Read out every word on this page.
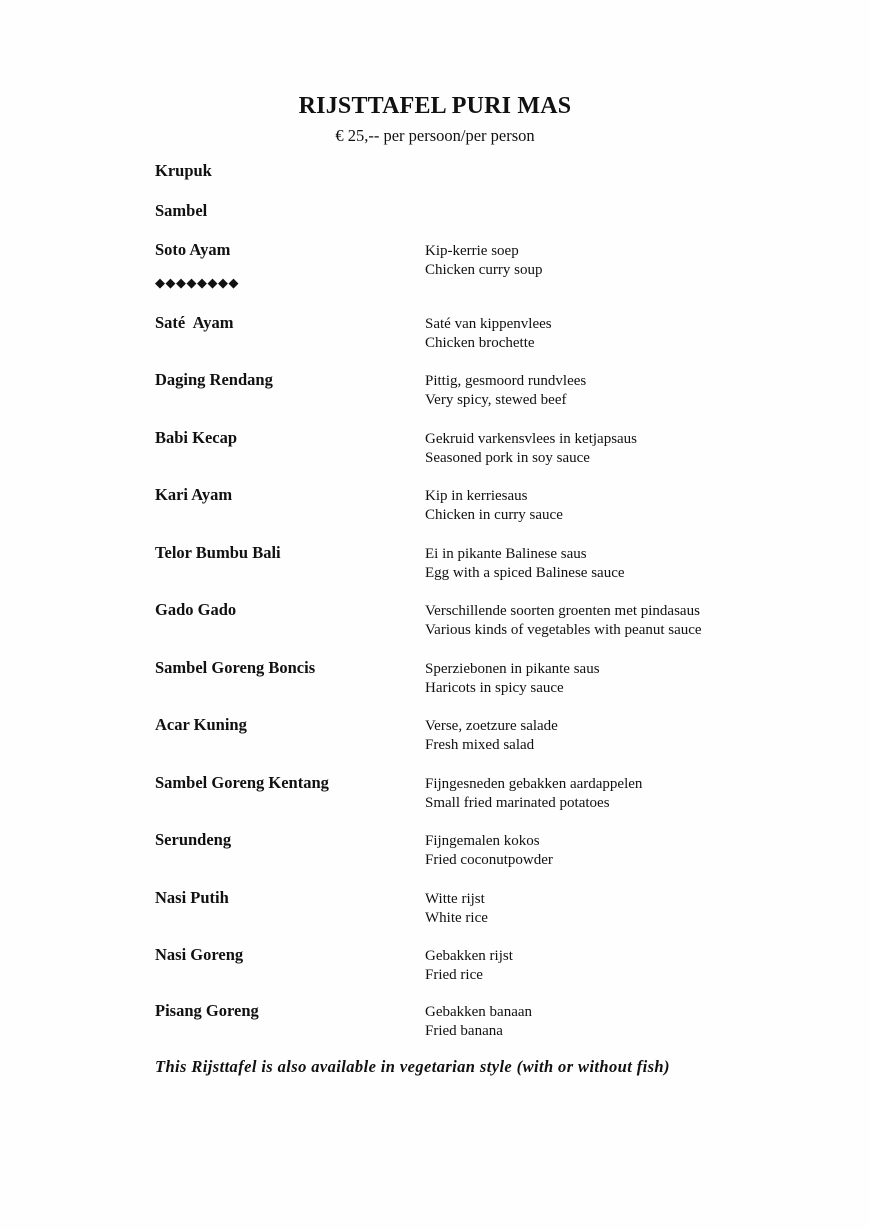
RIJSTTAFEL PURI MAS
€ 25,-- per persoon/per person
Krupuk
Sambel
Soto Ayam	Kip-kerrie soep
Chicken curry soup
◆◆◆◆◆◆◆◆
Saté  Ayam	Saté van kippenvlees
Chicken brochette
Daging Rendang	Pittig, gesmoord rundvlees
Very spicy, stewed beef
Babi Kecap	Gekruid varkensvlees in ketjapsaus
Seasoned pork in soy sauce
Kari Ayam	Kip in kerriesaus
Chicken in curry sauce
Telor Bumbu Bali	Ei in pikante Balinese saus
Egg with a spiced Balinese sauce
Gado Gado	Verschillende soorten groenten met pindasaus
Various kinds of vegetables with peanut sauce
Sambel Goreng Boncis	Sperziebonen in pikante saus
Haricots in spicy sauce
Acar Kuning	Verse, zoetzure salade
Fresh mixed salad
Sambel Goreng Kentang	Fijngesneden gebakken aardappelen
Small fried marinated potatoes
Serundeng	Fijngemalen kokos
Fried coconutpowder
Nasi Putih	Witte rijst
White rice
Nasi Goreng	Gebakken rijst
Fried rice
Pisang Goreng	Gebakken banaan
Fried banana
This Rijsttafel is also available in vegetarian style (with or without fish)
